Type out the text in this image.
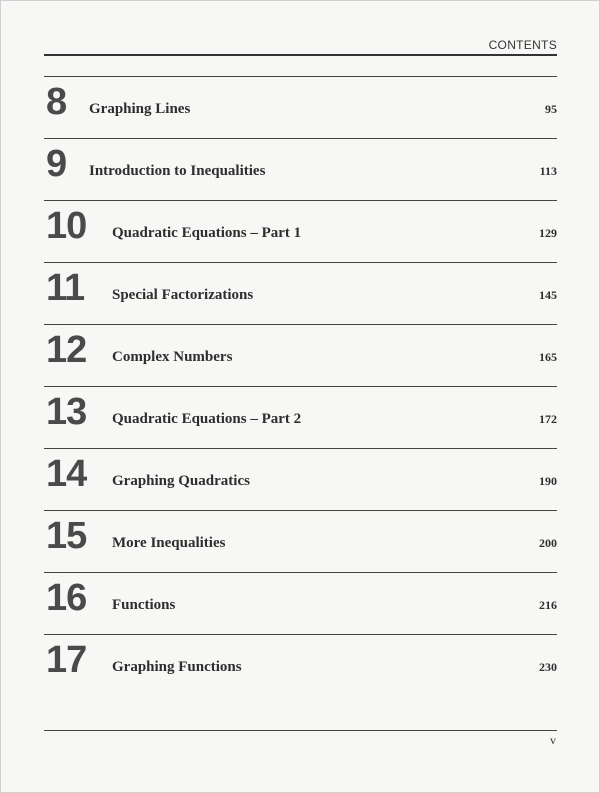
CONTENTS
8 Graphing Lines	95
9 Introduction to Inequalities	113
10 Quadratic Equations – Part 1	129
11 Special Factorizations	145
12 Complex Numbers	165
13 Quadratic Equations – Part 2	172
14 Graphing Quadratics	190
15 More Inequalities	200
16 Functions	216
17 Graphing Functions	230
v
